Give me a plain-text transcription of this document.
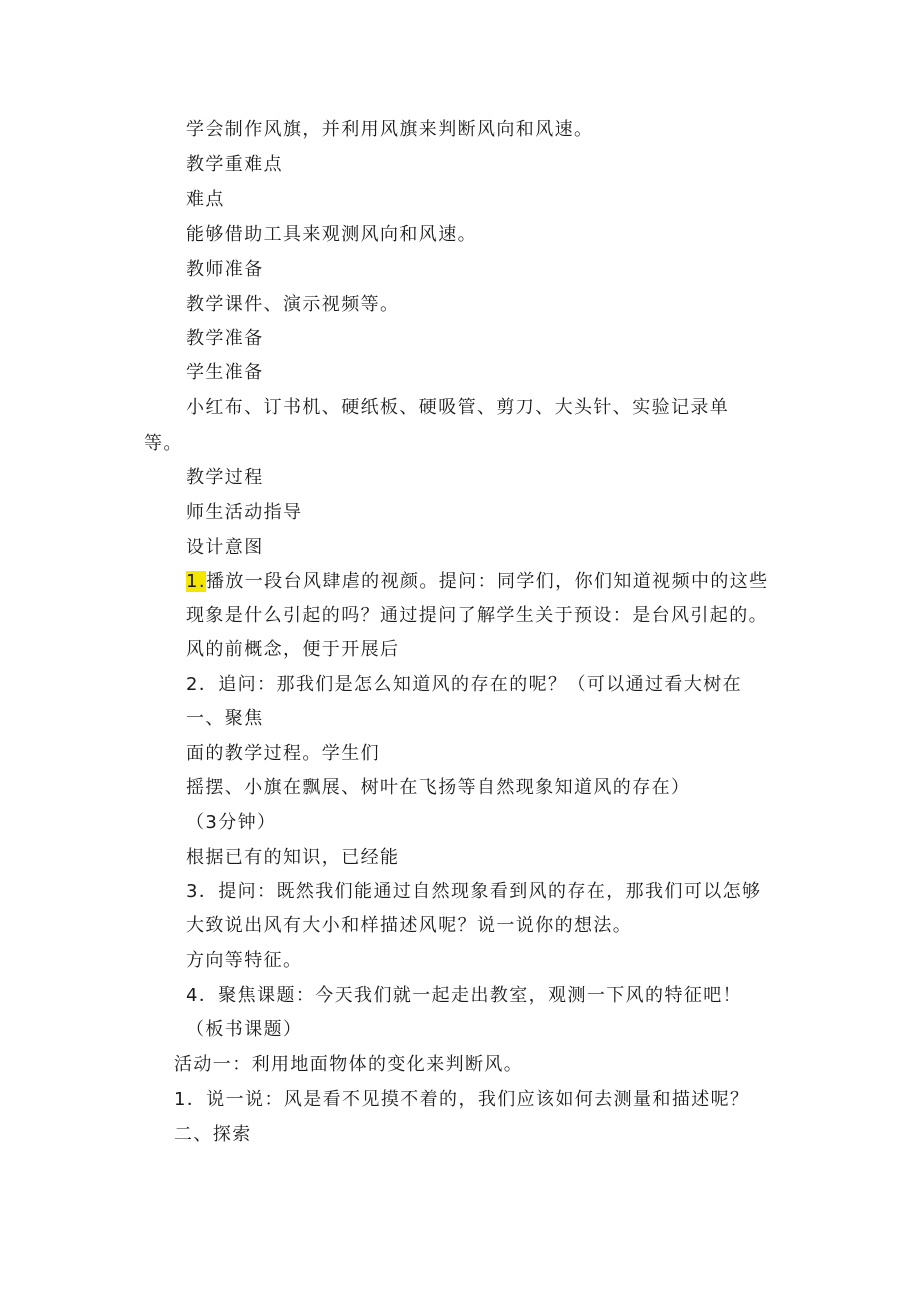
学会制作风旗，并利用风旗来判断风向和风速。
教学重难点
难点
能够借助工具来观测风向和风速。
教师准备
教学课件、演示视频等。
教学准备
学生准备
小红布、订书机、硬纸板、硬吸管、剪刀、大头针、实验记录单
等。
教学过程
师生活动指导
设计意图
1.播放一段台风肆虐的视颜。提问：同学们，你们知道视频中的这些
现象是什么引起的吗？通过提问了解学生关于预设：是台风引起的。
风的前概念，便于开展后
2．追问：那我们是怎么知道风的存在的呢？（可以通过看大树在
一、聚焦
面的教学过程。学生们
摇摆、小旗在飘展、树叶在飞扬等自然现象知道风的存在）
（3分钟）
根据已有的知识，已经能
3．提问：既然我们能通过自然现象看到风的存在，那我们可以怎够
大致说出风有大小和样描述风呢？说一说你的想法。
方向等特征。
4．聚焦课题：今天我们就一起走出教室，观测一下风的特征吧！
（板书课题）
活动一：利用地面物体的变化来判断风。
1．说一说：风是看不见摸不着的，我们应该如何去测量和描述呢？
二、探索
